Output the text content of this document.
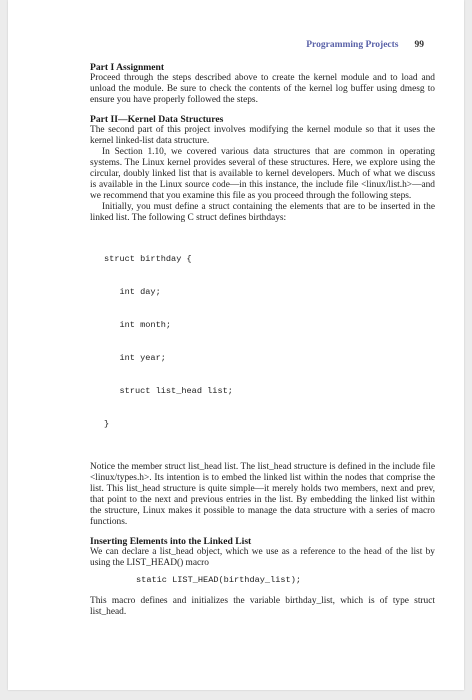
Programming Projects 99

Part I Assignment

Proceed through the steps described above to create the kernel module and to load and unload the module. Be sure to check the contents of the kernel log buffer using dmesg to ensure you have properly followed the steps.

Part II—Kernel Data Structures

The second part of this project involves modifying the kernel module so that it uses the kernel linked-list data structure.

In Section 1.10, we covered various data structures that are common in operating systems. The Linux kernel provides several of these structures. Here, we explore using the circular, doubly linked list that is available to kernel developers. Much of what we discuss is available in the Linux source code—in this instance, the include file <linux/list.h>—and we recommend that you examine this file as you proceed through the following steps.

Initially, you must define a struct containing the elements that are to be inserted in the linked list. The following C struct defines birthdays:

struct birthday {

int day;

int month;

int year;

struct list_head list;

}

Notice the member struct list_head list. The list_head structure is defined in the include file <linux/types.h>. Its intention is to embed the linked list within the nodes that comprise the list. This list_head structure is quite simple—it merely holds two members, next and prev, that point to the next and previous entries in the list. By embedding the linked list within the structure, Linux makes it possible to manage the data structure with a series of macro functions.

Inserting Elements into the Linked List

We can declare a list_head object, which we use as a reference to the head of the list by using the LIST_HEAD() macro

static LIST_HEAD(birthday_list);

This macro defines and initializes the variable birthday_list, which is of type struct list_head.
